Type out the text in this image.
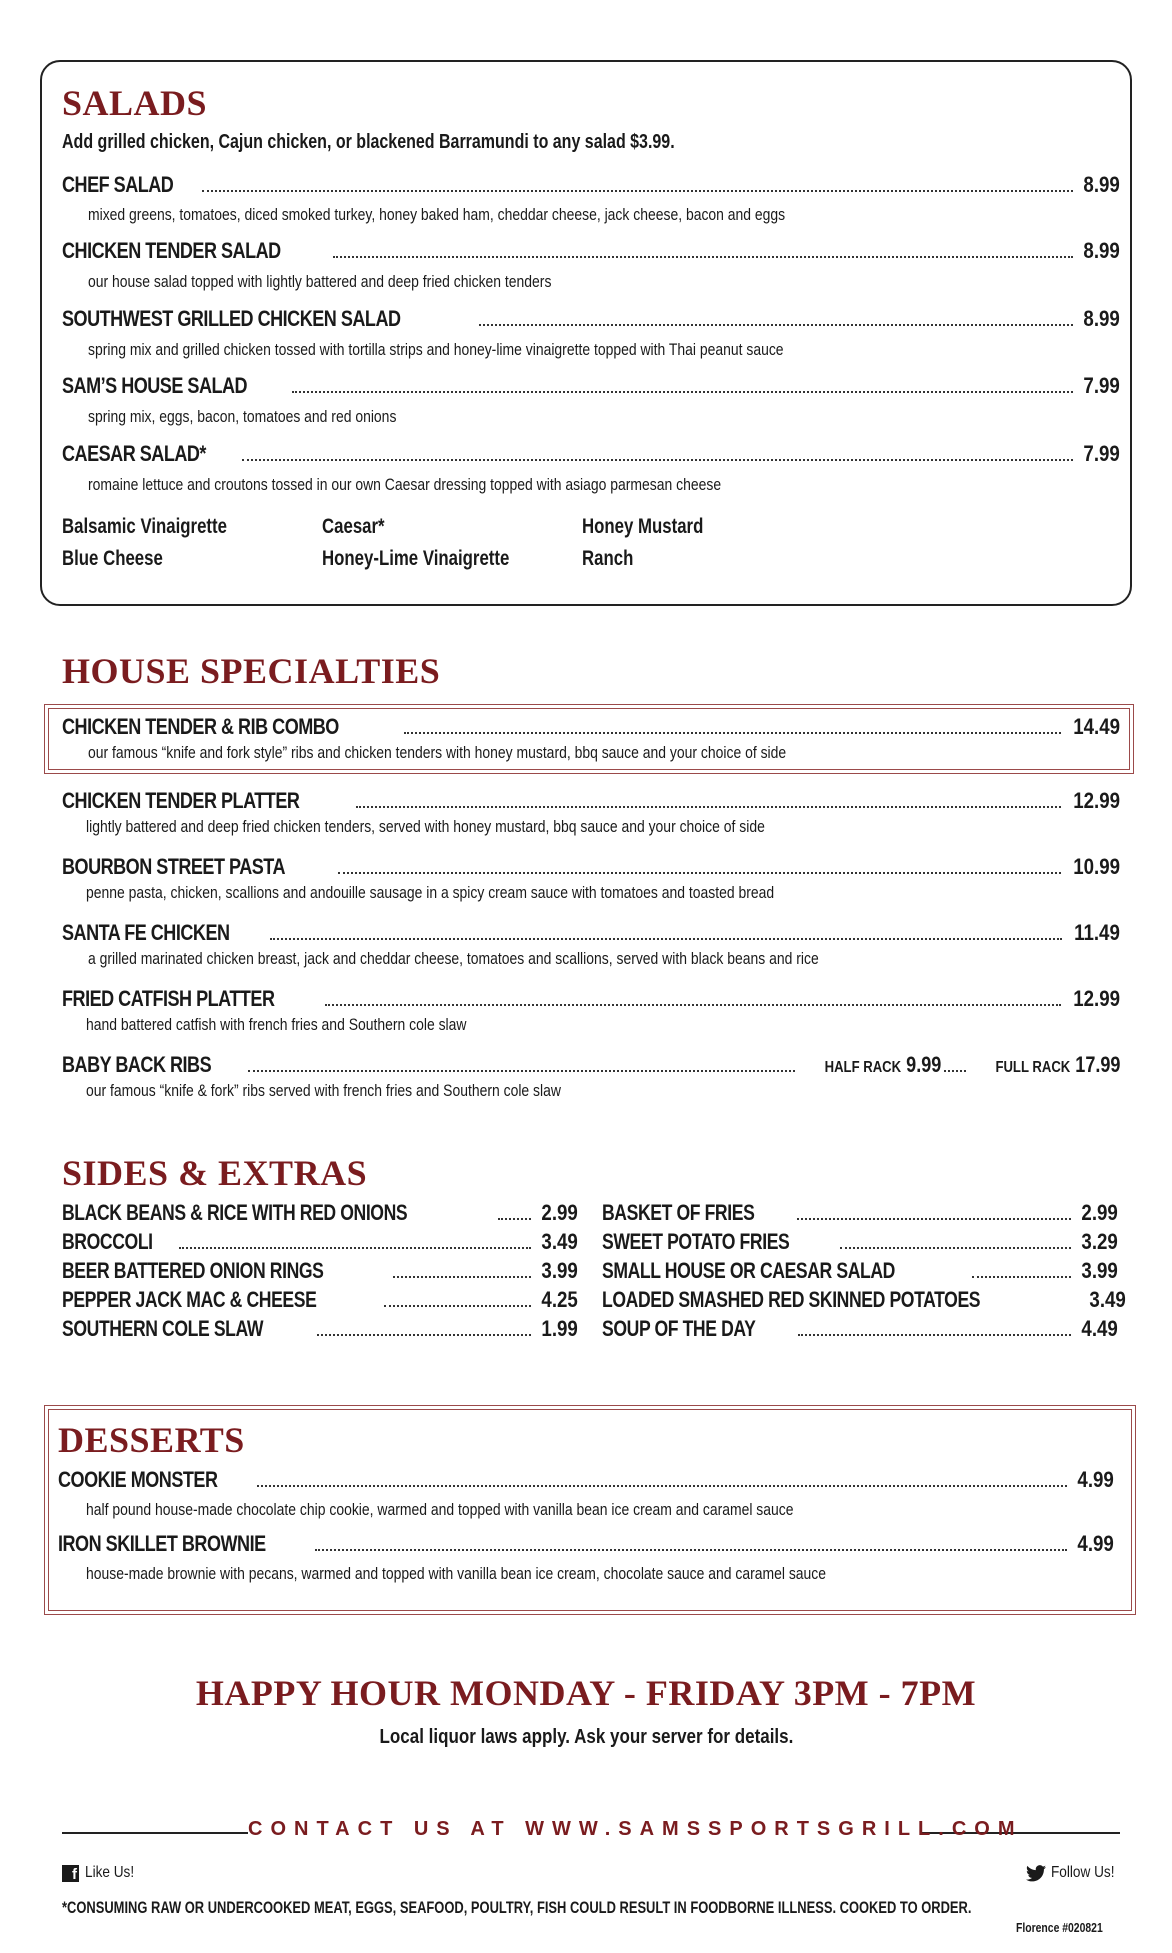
SALADS
Add grilled chicken, Cajun chicken, or blackened Barramundi to any salad $3.99.
CHEF SALAD	8.99
mixed greens, tomatoes, diced smoked turkey, honey baked ham, cheddar cheese, jack cheese, bacon and eggs
CHICKEN TENDER SALAD	8.99
our house salad topped with lightly battered and deep fried chicken tenders
SOUTHWEST GRILLED CHICKEN SALAD	8.99
spring mix and grilled chicken tossed with tortilla strips and honey-lime vinaigrette topped with Thai peanut sauce
SAM’S HOUSE SALAD	7.99
spring mix, eggs, bacon, tomatoes and red onions
CAESAR SALAD*	7.99
romaine lettuce and croutons tossed in our own Caesar dressing topped with asiago parmesan cheese
Balsamic Vinaigrette	Caesar*	Honey Mustard
Blue Cheese	Honey-Lime Vinaigrette	Ranch
HOUSE SPECIALTIES
CHICKEN TENDER & RIB COMBO	14.49
our famous “knife and fork style” ribs and chicken tenders with honey mustard, bbq sauce and your choice of side
CHICKEN TENDER PLATTER	12.99
lightly battered and deep fried chicken tenders, served with honey mustard, bbq sauce and your choice of side
BOURBON STREET PASTA	10.99
penne pasta, chicken, scallions and andouille sausage in a spicy cream sauce with tomatoes and toasted bread
SANTA FE CHICKEN	11.49
a grilled marinated chicken breast, jack and cheddar cheese, tomatoes and scallions, served with black beans and rice
FRIED CATFISH PLATTER	12.99
hand battered catfish with french fries and Southern cole slaw
BABY BACK RIBS	HALF RACK 9.99	FULL RACK 17.99
our famous “knife & fork” ribs served with french fries and Southern cole slaw
SIDES & EXTRAS
BLACK BEANS & RICE WITH RED ONIONS	2.99
BROCCOLI	3.49
BEER BATTERED ONION RINGS	3.99
PEPPER JACK MAC & CHEESE	4.25
SOUTHERN COLE SLAW	1.99
BASKET OF FRIES	2.99
SWEET POTATO FRIES	3.29
SMALL HOUSE OR CAESAR SALAD	3.99
LOADED SMASHED RED SKINNED POTATOES	3.49
SOUP OF THE DAY	4.49
DESSERTS
COOKIE MONSTER	4.99
half pound house-made chocolate chip cookie, warmed and topped with vanilla bean ice cream and caramel sauce
IRON SKILLET BROWNIE	4.99
house-made brownie with pecans, warmed and topped with vanilla bean ice cream, chocolate sauce and caramel sauce
HAPPY HOUR MONDAY - FRIDAY 3PM - 7PM
Local liquor laws apply. Ask your server for details.
CONTACT US AT WWW.SAMSSPORTSGRILL.COM
f Like Us!	Follow Us!
*CONSUMING RAW OR UNDERCOOKED MEAT, EGGS, SEAFOOD, POULTRY, FISH COULD RESULT IN FOODBORNE ILLNESS. COOKED TO ORDER.
Florence #020821
